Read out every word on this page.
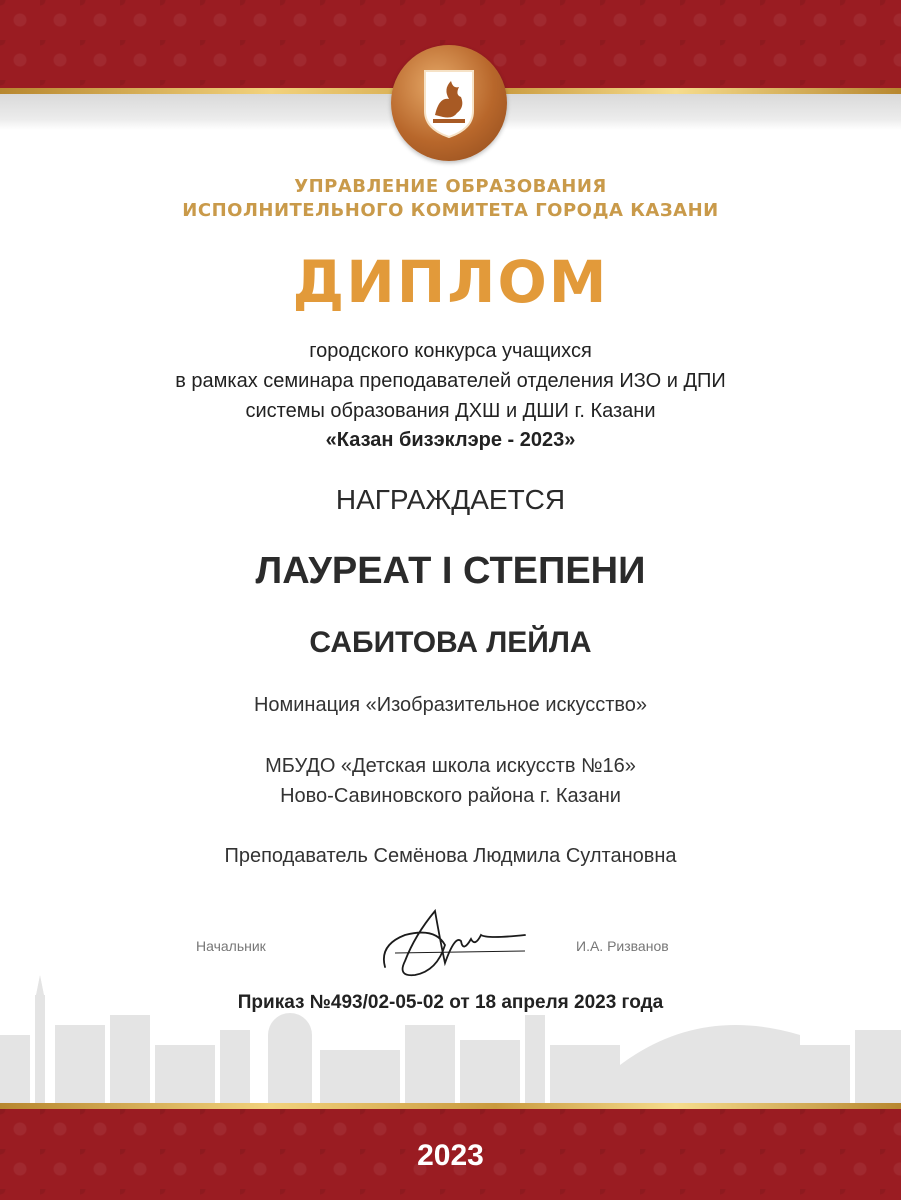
УПРАВЛЕНИЕ ОБРАЗОВАНИЯ
ИСПОЛНИТЕЛЬНОГО КОМИТЕТА ГОРОДА КАЗАНИ
ДИПЛОМ
городского конкурса учащихся
в рамках семинара преподавателей отделения ИЗО и ДПИ
системы образования ДХШ и ДШИ г. Казани
«Казан бизэклэре - 2023»
НАГРАЖДАЕТСЯ
ЛАУРЕАТ I СТЕПЕНИ
САБИТОВА ЛЕЙЛА
Номинация «Изобразительное искусство»
МБУДО «Детская школа искусств №16»
Ново-Савиновского района г. Казани
Преподаватель Семёнова Людмила Султановна
Начальник	И.А. Ризванов
Приказ №493/02-05-02 от 18 апреля 2023 года
2023
